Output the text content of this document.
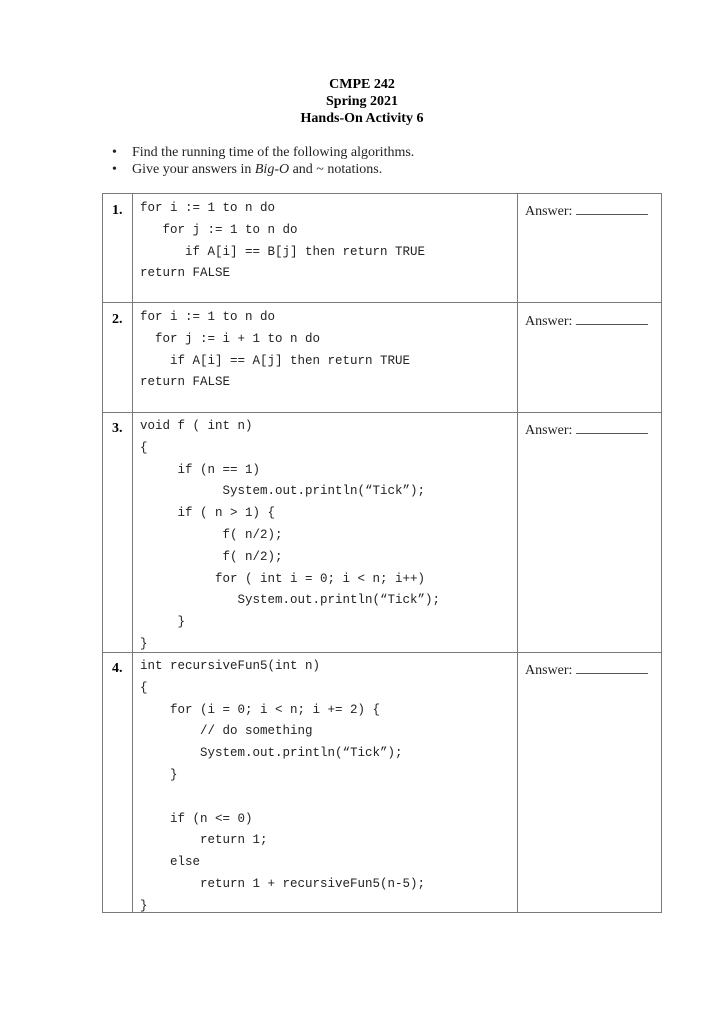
CMPE 242
Spring 2021
Hands-On Activity 6
• Find the running time of the following algorithms.
• Give your answers in Big-O and ~ notations.
1. for i := 1 to n do
for j := 1 to n do
if A[i] == B[j] then return TRUE
return FALSE
Answer:
2. for i := 1 to n do
for j := i + 1 to n do
if A[i] == A[j] then return TRUE
return FALSE
Answer:
3. void f ( int n)
{
if (n == 1)
System.out.println(“Tick”);
if ( n > 1) {
f( n/2);
f( n/2);
for ( int i = 0; i < n; i++)
System.out.println(“Tick”);
}
}
Answer:
4. int recursiveFun5(int n)
{
for (i = 0; i < n; i += 2) {
// do something
System.out.println(“Tick”);
}

if (n <= 0)
return 1;
else
return 1 + recursiveFun5(n-5);
}
Answer:
